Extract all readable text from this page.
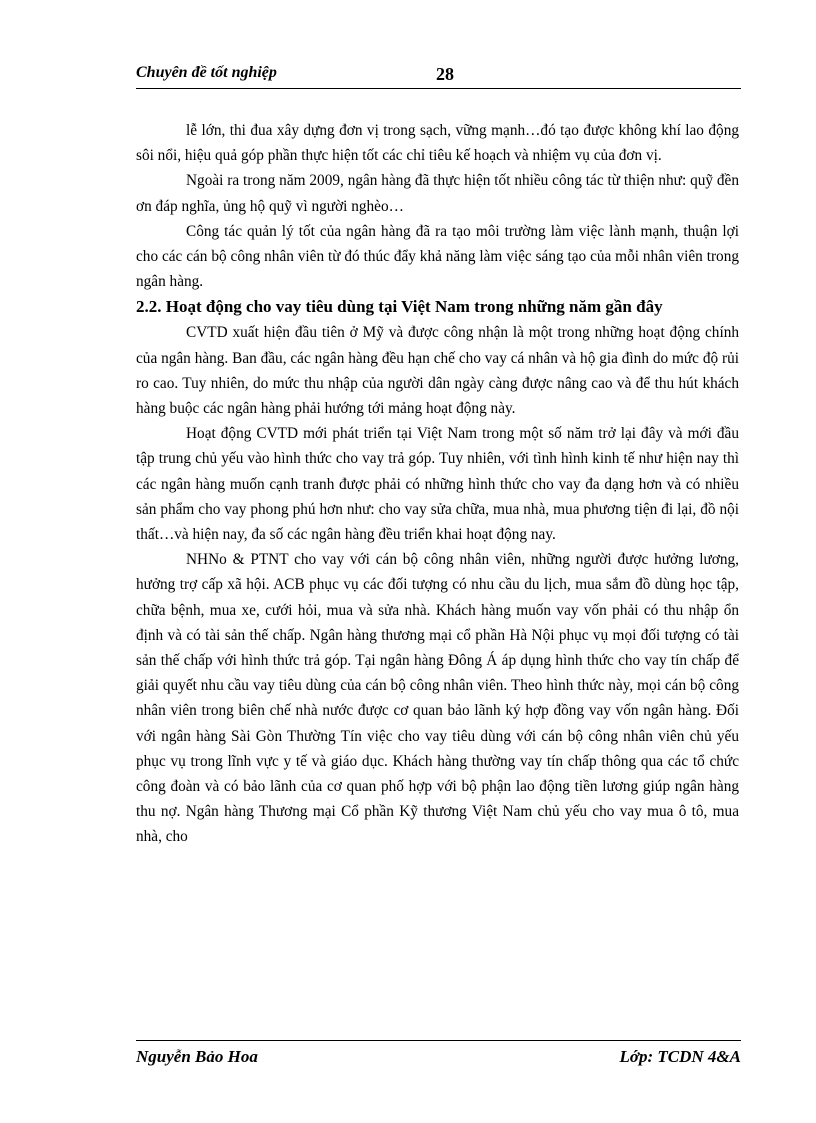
Chuyên đề tốt nghiệp	28

lễ lớn, thi đua xây dựng đơn vị trong sạch, vững mạnh…đó tạo được không khí lao động sôi nổi, hiệu quả góp phần thực hiện tốt các chỉ tiêu kế hoạch và nhiệm vụ của đơn vị.

Ngoài ra trong năm 2009, ngân hàng đã thực hiện tốt nhiều công tác từ thiện như: quỹ đền ơn đáp nghĩa, ủng hộ quỹ vì người nghèo…

Công tác quản lý tốt của ngân hàng đã ra tạo môi trường làm việc lành mạnh, thuận lợi cho các cán bộ công nhân viên từ đó thúc đẩy khả năng làm việc sáng tạo của mỗi nhân viên trong ngân hàng.

2.2. Hoạt động cho vay tiêu dùng tại Việt Nam trong những năm gần đây

CVTD xuất hiện đầu tiên ở Mỹ và được công nhận là một trong những hoạt động chính của ngân hàng. Ban đầu, các ngân hàng đều hạn chế cho vay cá nhân và hộ gia đình do mức độ rủi ro cao. Tuy nhiên, do mức thu nhập của người dân ngày càng được nâng cao và để thu hút khách hàng buộc các ngân hàng phải hướng tới mảng hoạt động này.

Hoạt động CVTD mới phát triển tại Việt Nam trong một số năm trở lại đây và mới đầu tập trung chủ yếu vào hình thức cho vay trả góp. Tuy nhiên, với tình hình kinh tế như hiện nay thì các ngân hàng muốn cạnh tranh được phải có những hình thức cho vay đa dạng hơn và có nhiều sản phẩm cho vay phong phú hơn như: cho vay sửa chữa, mua nhà, mua phương tiện đi lại, đồ nội thất…và hiện nay, đa số các ngân hàng đều triển khai hoạt động nay.

NHNo & PTNT cho vay với cán bộ công nhân viên, những người được hưởng lương, hưởng trợ cấp xã hội. ACB phục vụ các đối tượng có nhu cầu du lịch, mua sắm đồ dùng học tập, chữa bệnh, mua xe, cưới hỏi, mua và sửa nhà. Khách hàng muốn vay vốn phải có thu nhập ổn định và có tài sản thế chấp. Ngân hàng thương mại cổ phần Hà Nội phục vụ mọi đối tượng có tài sản thế chấp với hình thức trả góp. Tại ngân hàng Đông Á áp dụng hình thức cho vay tín chấp để giải quyết nhu cầu vay tiêu dùng của cán bộ công nhân viên. Theo hình thức này, mọi cán bộ công nhân viên trong biên chế nhà nước được cơ quan bảo lãnh ký hợp đồng vay vốn ngân hàng. Đối với ngân hàng Sài Gòn Thường Tín việc cho vay tiêu dùng với cán bộ công nhân viên chủ yếu phục vụ trong lĩnh vực y tế và giáo dục. Khách hàng thường vay tín chấp thông qua các tổ chức công đoàn và có bảo lãnh của cơ quan phố hợp với bộ phận lao động tiền lương giúp ngân hàng thu nợ. Ngân hàng Thương mại Cổ phần Kỹ thương Việt Nam chủ yếu cho vay mua ô tô, mua nhà, cho

Nguyễn Bảo Hoa	Lớp: TCDN 4&A
